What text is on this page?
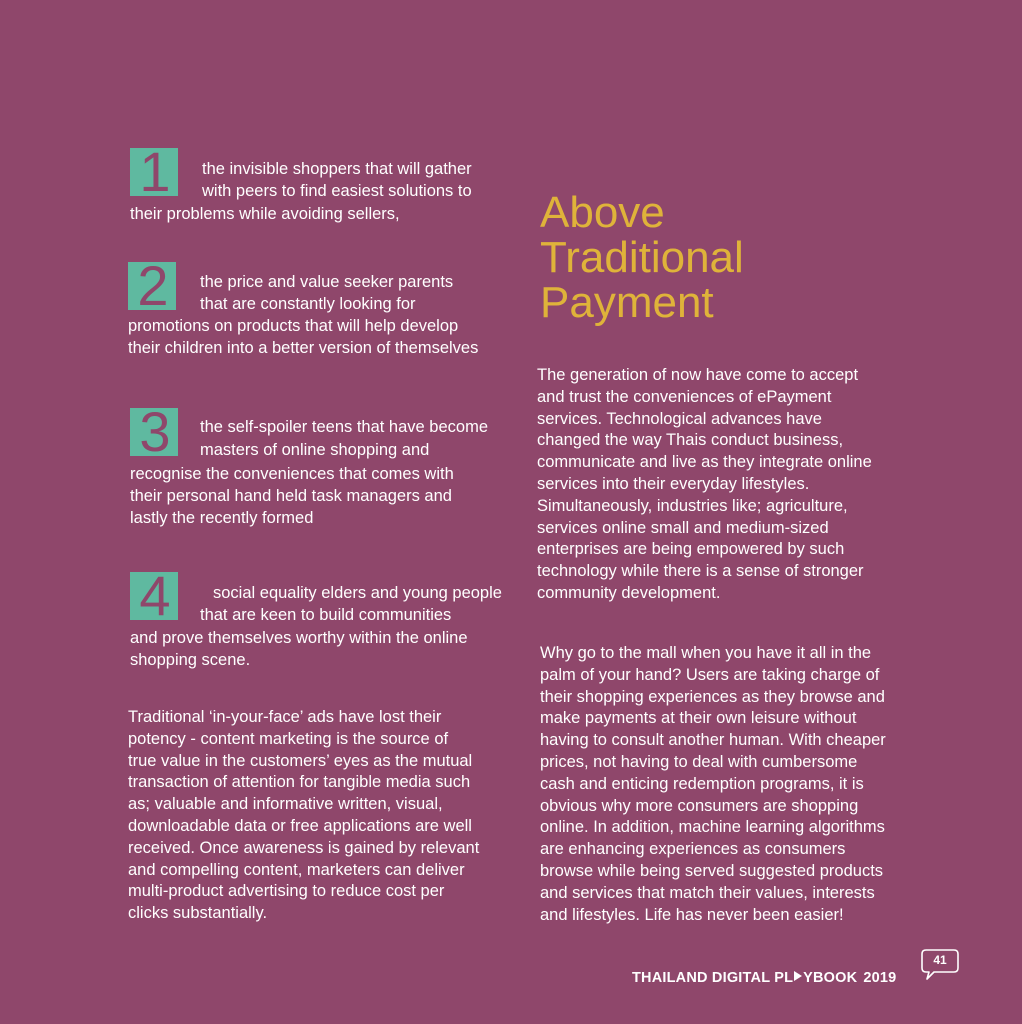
1	the invisible shoppers that will gather
with peers to find easiest solutions to
their problems while avoiding sellers,
2	the price and value seeker parents
that are constantly looking for
promotions on products that will help develop
their children into a better version of themselves
3	the self-spoiler teens that have become
masters of online shopping and
recognise the conveniences that comes with
their personal hand held task managers and
lastly the recently formed
4	social equality elders and young people
that are keen to build communities
and prove themselves worthy within the online
shopping scene.
Traditional ‘in-your-face’ ads have lost their
potency - content marketing is the source of
true value in the customers’ eyes as the mutual
transaction of attention for tangible media such
as; valuable and informative written, visual,
downloadable data or free applications are well
received. Once awareness is gained by relevant
and compelling content, marketers can deliver
multi-product advertising to reduce cost per
clicks substantially.
Above
Traditional
Payment
The generation of now have come to accept
and trust the conveniences of ePayment
services. Technological advances have
changed the way Thais conduct business,
communicate and live as they integrate online
services into their everyday lifestyles.
Simultaneously, industries like; agriculture,
services online small and medium-sized
enterprises are being empowered by such
technology while there is a sense of stronger
community development.
Why go to the mall when you have it all in the
palm of your hand? Users are taking charge of
their shopping experiences as they browse and
make payments at their own leisure without
having to consult another human. With cheaper
prices, not having to deal with cumbersome
cash and enticing redemption programs, it is
obvious why more consumers are shopping
online. In addition, machine learning algorithms
are enhancing experiences as consumers
browse while being served suggested products
and services that match their values, interests
and lifestyles. Life has never been easier!
THAILAND DIGITAL PL YBOOK 2019
41
